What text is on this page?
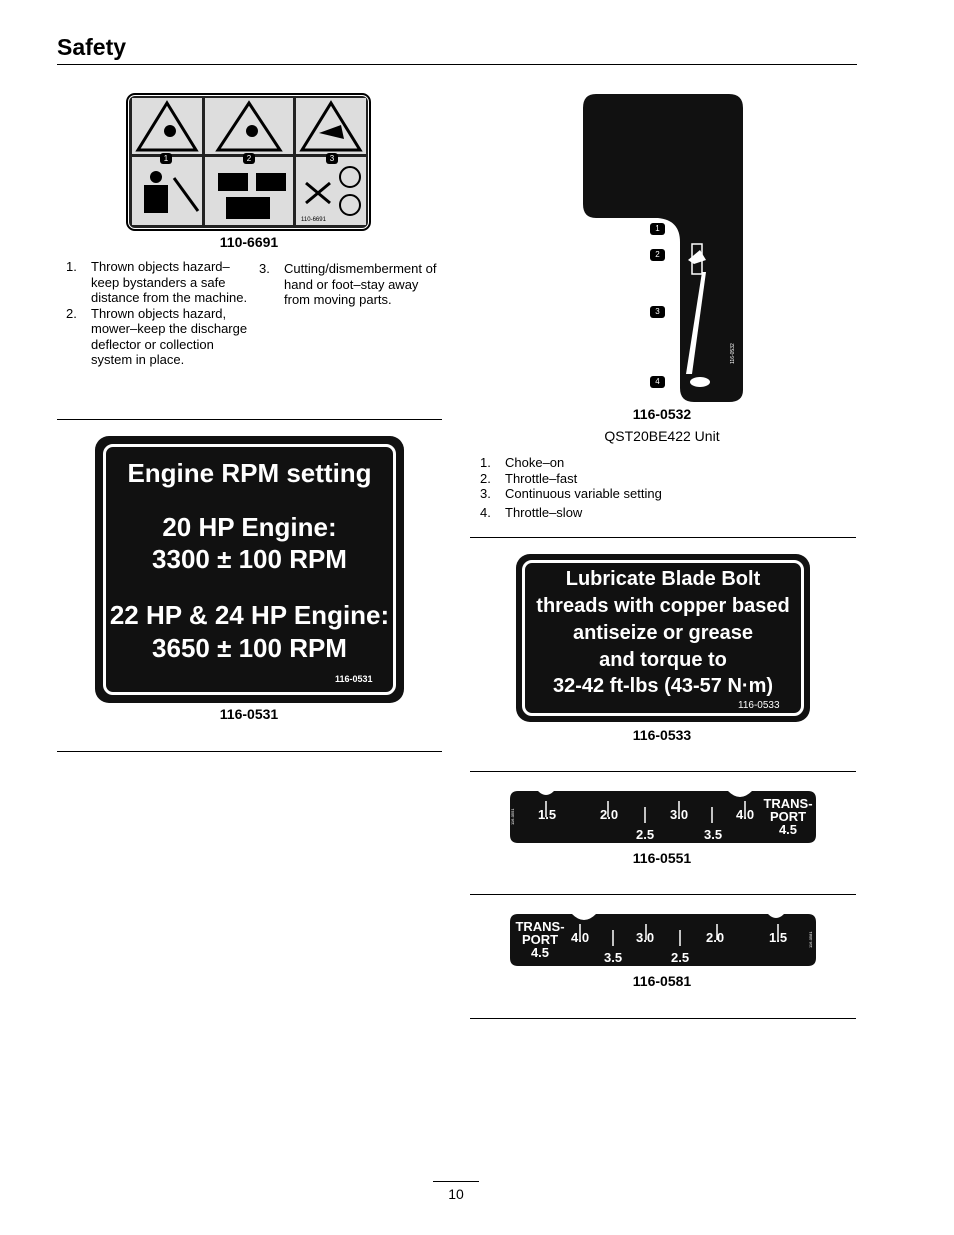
Safety
1	2	3
110-6691
110-6691
1. Thrown objects hazard–keep bystanders a safe distance from the machine.
2. Thrown objects hazard, mower–keep the discharge deflector or collection system in place.
3. Cutting/dismemberment of hand or foot–stay away from moving parts.
Engine RPM setting
20 HP Engine:
3300 ± 100 RPM
22 HP & 24 HP Engine:
3650 ± 100 RPM
116-0531
116-0531
116-0532
1
2
3
4
116-0532
QST20BE422 Unit
1. Choke–on
2. Throttle–fast
3. Continuous variable setting
4. Throttle–slow
Lubricate Blade Bolt
threads with copper based
antiseize or grease
and torque to
32-42 ft-lbs (43-57 N·m)
116-0533
116-0533
116-0551 1.5	2.0	3.0	4.0
2.5	3.5
TRANS-
PORT
4.5
116-0551
116-0581
TRANS-
PORT
4.5
4.0	3.0	2.0	1.5
3.5	2.5
116-0581
10
